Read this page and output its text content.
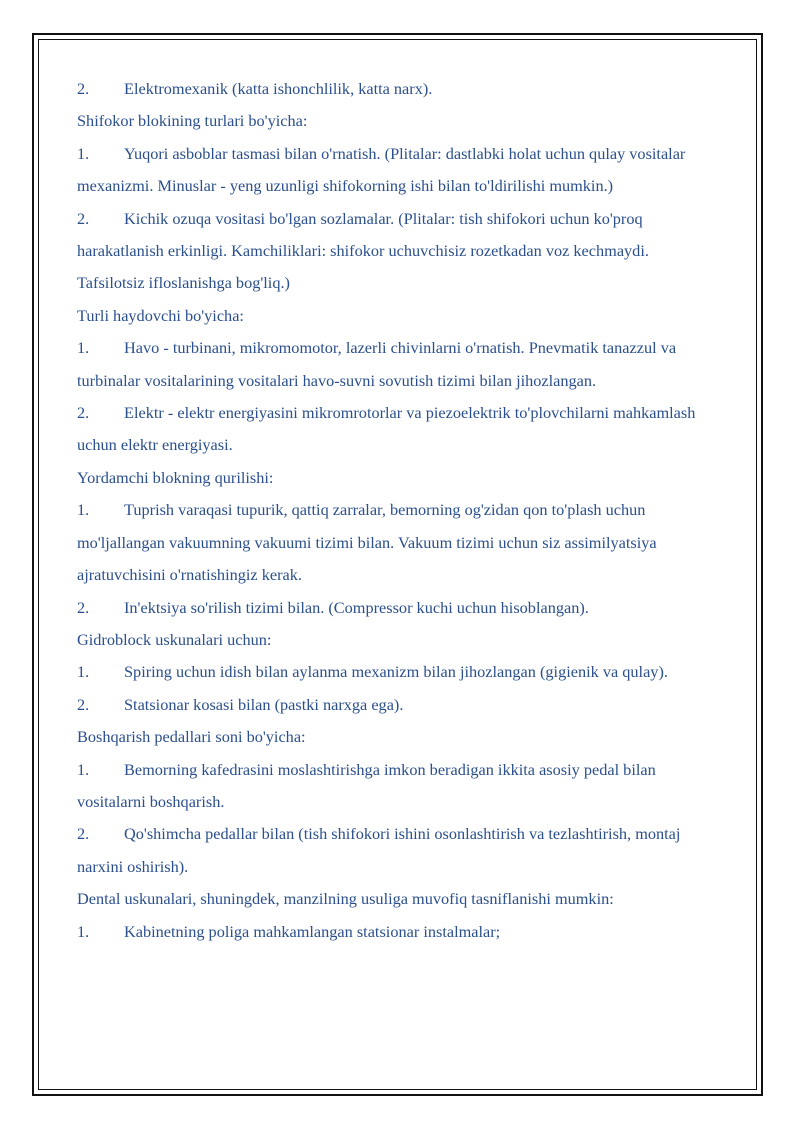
2. Elektromexanik (katta ishonchlilik, katta narx).

Shifokor blokining turlari bo'yicha:

1. Yuqori asboblar tasmasi bilan o'rnatish. (Plitalar: dastlabki holat uchun qulay vositalar mexanizmi. Minuslar - yeng uzunligi shifokorning ishi bilan to'ldirilishi mumkin.)

2. Kichik ozuqa vositasi bo'lgan sozlamalar. (Plitalar: tish shifokori uchun ko'proq harakatlanish erkinligi. Kamchiliklari: shifokor uchuvchisiz rozetkadan voz kechmaydi. Tafsilotsiz ifloslanishga bog'liq.)

Turli haydovchi bo'yicha:

1. Havo - turbinani, mikromomotor, lazerli chivinlarni o'rnatish. Pnevmatik tanazzul va turbinalar vositalarining vositalari havo-suvni sovutish tizimi bilan jihozlangan.

2. Elektr - elektr energiyasini mikromrotorlar va piezoelektrik to'plovchilarni mahkamlash uchun elektr energiyasi.

Yordamchi blokning qurilishi:

1. Tuprish varaqasi tupurik, qattiq zarralar, bemorning og'zidan qon to'plash uchun mo'ljallangan vakuumning vakuumi tizimi bilan. Vakuum tizimi uchun siz assimilyatsiya ajratuvchisini o'rnatishingiz kerak.

2. In'ektsiya so'rilish tizimi bilan. (Compressor kuchi uchun hisoblangan).

Gidroblock uskunalari uchun:

1. Spiring uchun idish bilan aylanma mexanizm bilan jihozlangan (gigienik va qulay).

2. Statsionar kosasi bilan (pastki narxga ega).

Boshqarish pedallari soni bo'yicha:

1. Bemorning kafedrasini moslashtirishga imkon beradigan ikkita asosiy pedal bilan vositalarni boshqarish.

2. Qo'shimcha pedallar bilan (tish shifokori ishini osonlashtirish va tezlashtirish, montaj narxini oshirish).

Dental uskunalari, shuningdek, manzilning usuliga muvofiq tasniflanishi mumkin:

1. Kabinetning poliga mahkamlangan statsionar instalmalar;
